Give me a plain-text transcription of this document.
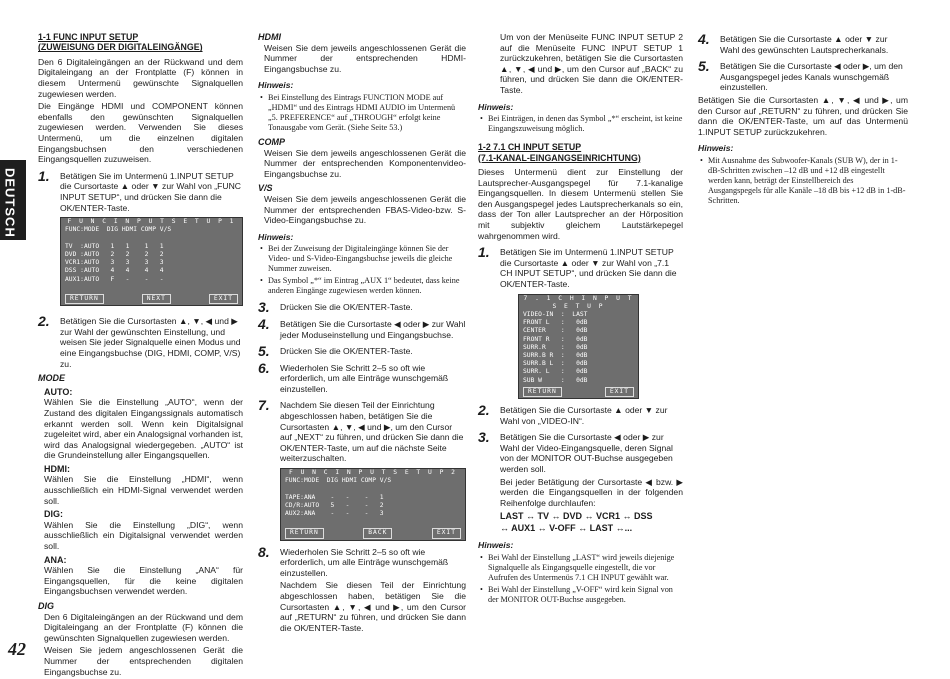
DEUTSCH
42
1-1 FUNC INPUT SETUP
(ZUWEISUNG DER DIGITALEINGÄNGE)

Den 6 Digitaleingängen an der Rückwand und dem Digitaleingang an der Frontplatte (F) können in diesem Untermenü gewünschte Signalquellen zugewiesen werden.

Die Eingänge HDMI und COMPONENT können ebenfalls den gewünschten Signalquellen zugewiesen werden. Verwenden Sie dieses Untermenü, um die einzelnen digitalen Eingangsbuchsen den verschiedenen Eingangsquellen zuzuweisen.

1. Betätigen Sie im Untermenü 1.INPUT SETUP die Cursortaste ▲ oder ▼ zur Wahl von „FUNC INPUT SETUP“, und drücken Sie dann die OK/ENTER-Taste.
F U N C I N P U T S E T U P 1
FUNC:MODE  DIG HDMI COMP V/S
TV  :AUTO   1   1    1   1
DVD :AUTO   2   2    2   2
VCR1:AUTO   3   3    3   3
DSS :AUTO   4   4    4   4
AUX1:AUTO   F   -    -   -
RETURN	NEXT	EXIT
2. Betätigen Sie die Cursortasten ▲, ▼, ◀ und ▶ zur Wahl der gewünschten Einstellung, und weisen Sie jeder Signalquelle einen Modus und eine Eingangsbuchse (DIG, HDMI, COMP, V/S) zu.
MODE
AUTO:

Wählen Sie die Einstellung „AUTO“, wenn der Zustand des digitalen Eingangssignals automatisch erkannt werden soll. Wenn kein Digitalsignal zugeleitet wird, aber ein Analogsignal vorhanden ist, wird das Analogsignal wiedergegeben. „AUTO“ ist die Grundeinstellung aller Eingangsquellen.

HDMI:

Wählen Sie die Einstellung „HDMI“, wenn ausschließlich ein HDMI-Signal verwendet werden soll.

DIG:

Wählen Sie die Einstellung „DIG“, wenn ausschließlich ein Digitalsignal verwendet werden soll.

ANA:

Wählen Sie die Einstellung „ANA“ für Eingangsquellen, für die keine digitalen Eingangsbuchsen verwendet werden.

DIG

Den 6 Digitaleingängen an der Rückwand und dem Digitaleingang an der Frontplatte (F) können die gewünschten Signalquellen zugewiesen werden.

Weisen Sie jedem angeschlossenen Gerät die Nummer der entsprechenden digitalen Eingangsbuchse zu.

HDMI

Weisen Sie dem jeweils angeschlossenen Gerät die Nummer der entsprechenden HDMI-Eingangsbuchse zu.

Hinweis:
• Bei Einstellung des Eintrags FUNCTION MODE auf „HDMI“ und des Eintrags HDMI AUDIO im Untermenü „5. PREFERENCE“ auf „THROUGH“ erfolgt keine Tonausgabe vom Gerät. (Siehe Seite 53.)
COMP

Weisen Sie dem jeweils angeschlossenen Gerät die Nummer der entsprechenden Komponentenvideo-Eingangsbuchse zu.

V/S

Weisen Sie dem jeweils angeschlossenen Gerät die Nummer der entsprechenden FBAS-Video-bzw. S-Video-Eingangsbuchse zu.

Hinweis:
• Bei der Zuweisung der Digitaleingänge können Sie der Video- und S-Video-Eingangsbuchse jeweils die gleiche Nummer zuweisen.
• Das Symbol „*“ im Eintrag „AUX 1“ bedeutet, dass keine anderen Eingänge zugewiesen werden können.
3. Drücken Sie die OK/ENTER-Taste.
4. Betätigen Sie die Cursortaste ◀ oder ▶ zur Wahl jeder Moduseinstellung und Eingangsbuchse.
5. Drücken Sie die OK/ENTER-Taste.
6. Wiederholen Sie Schritt 2–5 so oft wie erforderlich, um alle Einträge wunschgemäß einzustellen.
7. Nachdem Sie diesen Teil der Einrichtung abgeschlossen haben, betätigen Sie die Cursortasten ▲, ▼, ◀ und ▶, um den Cursor auf „NEXT“ zu führen, und drücken Sie dann die OK/ENTER-Taste, um auf die nächste Seite weiterzuschalten.
F U N C I N P U T S E T U P 2
FUNC:MODE  DIG HDMI COMP V/S
TAPE:ANA    -   -    -   1
CD/R:AUTO   5   -    -   2
AUX2:ANA    -   -    -   3
RETURN	BACK	EXIT
8. Wiederholen Sie Schritt 2–5 so oft wie erforderlich, um alle Einträge wunschgemäß einzustellen.

Nachdem Sie diesen Teil der Einrichtung abgeschlossen haben, betätigen Sie die Cursortasten ▲, ▼, ◀ und ▶, um den Cursor auf „RETURN“ zu führen, und drücken Sie dann die OK/ENTER-Taste.

Um von der Menüseite FUNC INPUT SETUP 2 auf die Menüseite FUNC INPUT SETUP 1 zurückzukehren, betätigen Sie die Cursortasten ▲, ▼, ◀ und ▶, um den Cursor auf „BACK“ zu führen, und drücken Sie dann die OK/ENTER-Taste.

Hinweis:
• Bei Einträgen, in denen das Symbol „*“ erscheint, ist keine Eingangszuweisung möglich.
1-2 7.1 CH INPUT SETUP
(7.1-KANAL-EINGANGSEINRICHTUNG)

Dieses Untermenü dient zur Einstellung der Lautsprecher-Ausgangspegel für 7.1-kanalige Eingangsquellen. In diesem Untermenü stellen Sie den Ausgangspegel jedes Lautsprecherkanals so ein, dass der Ton aller Lautsprecher an der Hörposition mit subjektiv gleichem Lautstärkepegel wahrgenommen wird.

1. Betätigen Sie im Untermenü 1.INPUT SETUP die Cursortaste ▲ oder ▼ zur Wahl von „7.1 CH INPUT SETUP“, und drücken Sie dann die OK/ENTER-Taste.
7 . 1 C H I N P U T S E T U P
VIDEO-IN  :  LAST
FRONT L   :   0dB
CENTER    :   0dB
FRONT R   :   0dB
SURR.R    :   0dB
SURR.B R  :   0dB
SURR.B L  :   0dB
SURR. L   :   0dB
SUB W     :   0dB
RETURN	EXIT
2. Betätigen Sie die Cursortaste ▲ oder ▼ zur Wahl von „VIDEO-IN“.
3. Betätigen Sie die Cursortaste ◀ oder ▶ zur Wahl der Video-Eingangsquelle, deren Signal von der MONITOR OUT-Buchse ausgegeben werden soll.

Bei jeder Betätigung der Cursortaste ◀ bzw. ▶ werden die Eingangsquellen in der folgenden Reihenfolge durchlaufen:

LAST ↔ TV ↔ DVD ↔ VCR1 ↔ DSS
↔ AUX1 ↔ V-OFF ↔ LAST ↔...
Hinweis:
• Bei Wahl der Einstellung „LAST“ wird jeweils diejenige Signalquelle als Eingangsquelle eingestellt, die vor Aufrufen des Untermenüs 7.1 CH INPUT gewählt war.
• Bei Wahl der Einstellung „V-OFF“ wird kein Signal von der MONITOR OUT-Buchse ausgegeben.
4. Betätigen Sie die Cursortaste ▲ oder ▼ zur Wahl des gewünschten Lautsprecherkanals.
5. Betätigen Sie die Cursortaste ◀ oder ▶, um den Ausgangspegel jedes Kanals wunschgemäß einzustellen.

Betätigen Sie die Cursortasten ▲, ▼, ◀ und ▶, um den Cursor auf „RETURN“ zu führen, und drücken Sie dann die OK/ENTER-Taste, um auf das Untermenü 1.INPUT SETUP zurückzukehren.

Hinweis:
• Mit Ausnahme des Subwoofer-Kanals (SUB W), der in 1-dB-Schritten zwischen –12 dB und +12 dB eingestellt werden kann, beträgt der Einstellbereich des Ausgangspegels für alle Kanäle –18 dB bis +12 dB in 1-dB-Schritten.
